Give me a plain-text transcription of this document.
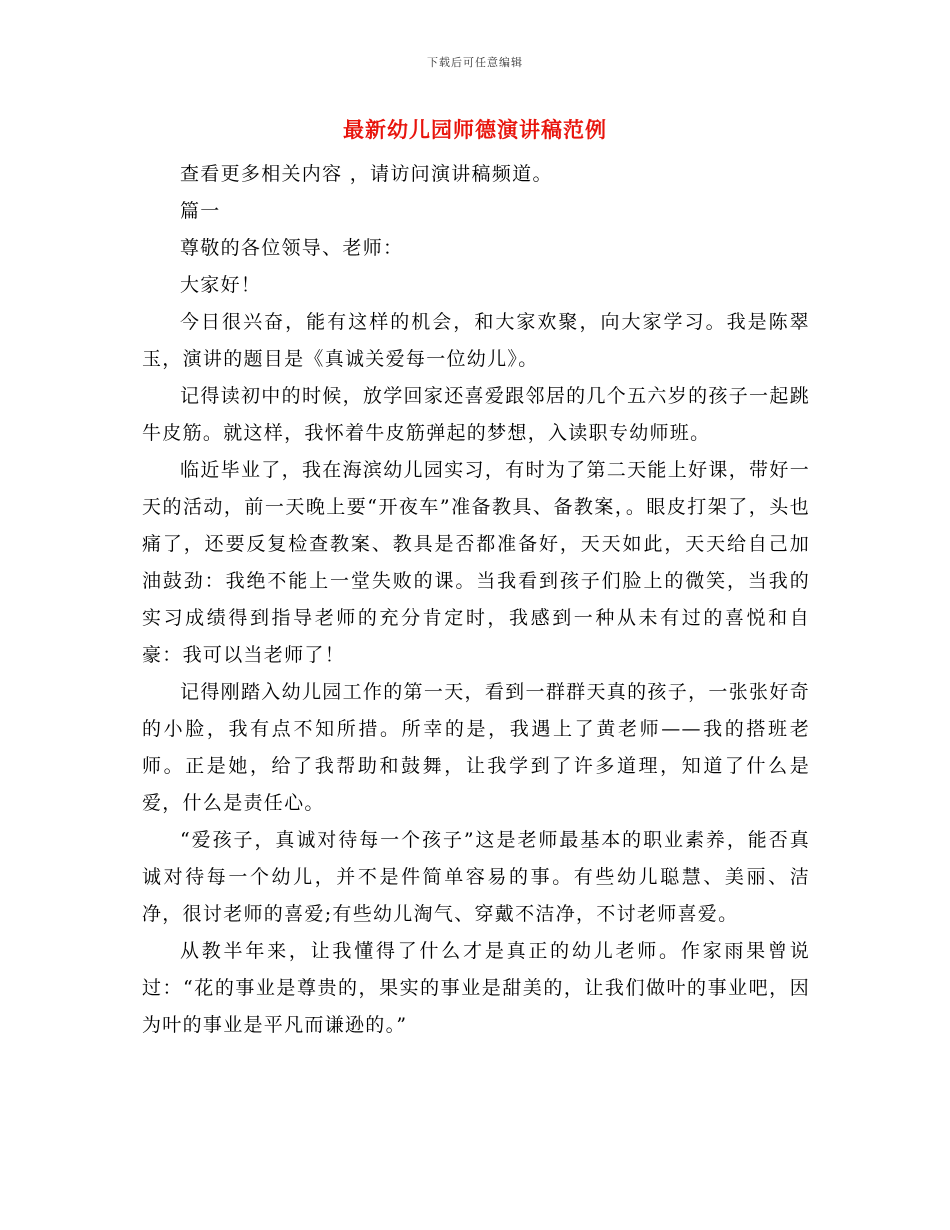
下载后可任意编辑
最新幼儿园师德演讲稿范例

查看更多相关内容 ，请访问演讲稿频道。

篇一

尊敬的各位领导、老师：

大家好！

今日很兴奋，能有这样的机会，和大家欢聚，向大家学习。我是陈翠玉，演讲的题目是《真诚关爱每一位幼儿》。

记得读初中的时候，放学回家还喜爱跟邻居的几个五六岁的孩子一起跳牛皮筋。就这样，我怀着牛皮筋弹起的梦想，入读职专幼师班。

临近毕业了，我在海滨幼儿园实习，有时为了第二天能上好课，带好一天的活动，前一天晚上要“开夜车”准备教具、备教案，。眼皮打架了，头也痛了，还要反复检查教案、教具是否都准备好，天天如此，天天给自己加油鼓劲：我绝不能上一堂失败的课。当我看到孩子们脸上的微笑，当我的实习成绩得到指导老师的充分肯定时，我感到一种从未有过的喜悦和自豪：我可以当老师了！

记得刚踏入幼儿园工作的第一天，看到一群群天真的孩子，一张张好奇的小脸，我有点不知所措。所幸的是，我遇上了黄老师——我的搭班老师。正是她，给了我帮助和鼓舞，让我学到了许多道理，知道了什么是爱，什么是责任心。

“爱孩子，真诚对待每一个孩子”这是老师最基本的职业素养，能否真诚对待每一个幼儿，并不是件简单容易的事。有些幼儿聪慧、美丽、洁净，很讨老师的喜爱;有些幼儿淘气、穿戴不洁净，不讨老师喜爱。

从教半年来，让我懂得了什么才是真正的幼儿老师。作家雨果曾说过：“花的事业是尊贵的，果实的事业是甜美的，让我们做叶的事业吧，因为叶的事业是平凡而谦逊的。”
